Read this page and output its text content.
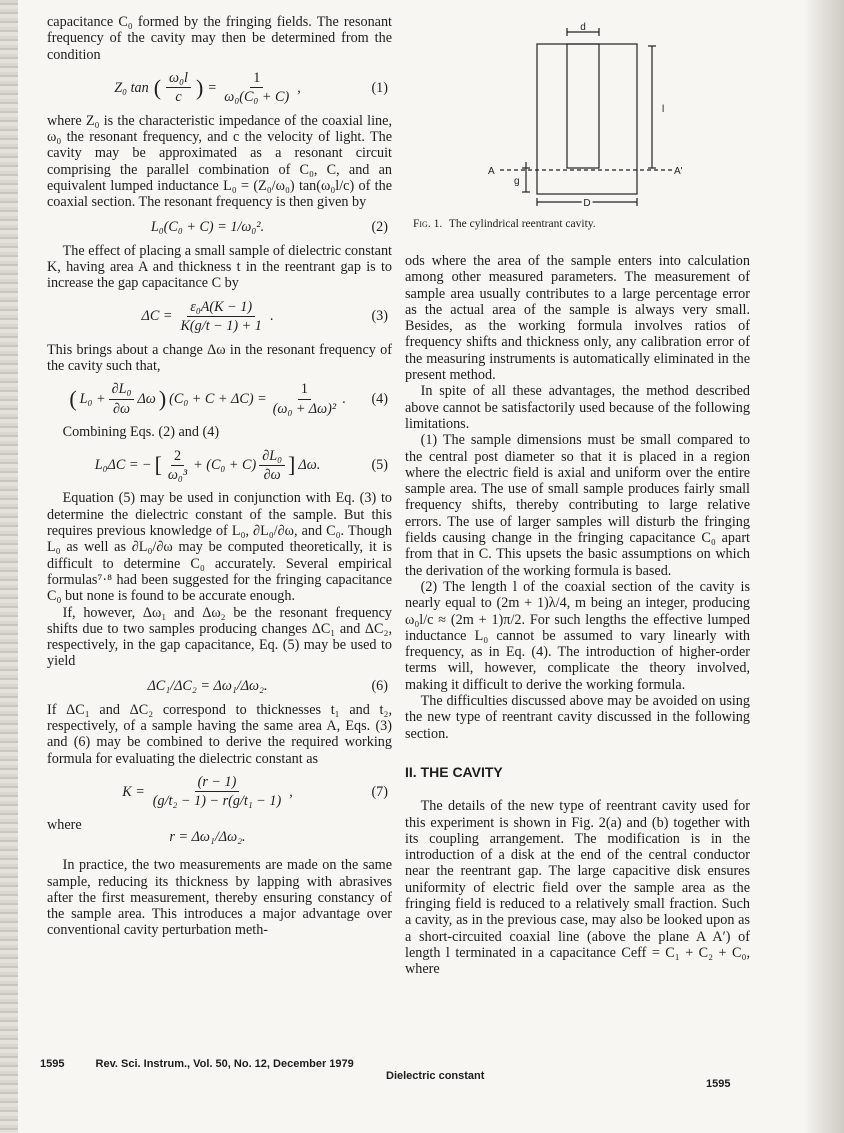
capacitance C₀ formed by the fringing fields. The resonant frequency of the cavity may then be determined from the condition

Z₀ tan ( $\frac{\text{ω₀l}}{c}$ ) = $\frac{1}{\text{ω₀(C₀ + C)}}$ ,	(1)

where Z₀ is the characteristic impedance of the coaxial line, ω₀ the resonant frequency, and c the velocity of light. The cavity may be approximated as a resonant circuit comprising the parallel combination of C₀, C, and an equivalent lumped inductance L₀ = (Z₀/ω₀) tan(ω₀l/c) of the coaxial section. The resonant frequency is then given by

L₀(C₀ + C) = 1/ω₀².	(2)

The effect of placing a small sample of dielectric constant K, having area A and thickness t in the reentrant gap is to increase the gap capacitance C by

$\Delta C = \frac{\text{ε₀A(K − 1)}}{K(g/t - 1) + 1}$ .	(3)

This brings about a change Δω in the resonant frequency of the cavity such that,

( $L_0 + \frac{\text{∂L₀}}{\partial\omega}$ Δω ) $(C_0 + C + \Delta C) = \frac{1}{\text{(ω₀ + Δω)²}}$ . (4)

Combining Eqs. (2) and (4)

L₀ΔC = − [ $\frac{2}{\text{ω₀³}} + (C_0 + C) \frac{\text{∂L₀}}{\partial\omega}$ ] Δω.	(5)

Equation (5) may be used in conjunction with Eq. (3) to determine the dielectric constant of the sample. But this requires previous knowledge of L₀, ∂L₀/∂ω, and C₀. Though L₀ as well as ∂L₀/∂ω may be computed theoretically, it is difficult to determine C₀ accurately. Several empirical formulas⁷·⁸ had been suggested for the fringing capacitance C₀ but none is found to be accurate enough.

If, however, Δω₁ and Δω₂ be the resonant frequency shifts due to two samples producing changes ΔC₁ and ΔC₂, respectively, in the gap capacitance, Eq. (5) may be used to yield

ΔC₁/ΔC₂ = Δω₁/Δω₂.	(6)

If ΔC₁ and ΔC₂ correspond to thicknesses t₁ and t₂, respectively, of a sample having the same area A, Eqs. (3) and (6) may be combined to derive the required working formula for evaluating the dielectric constant as

$K = \frac{(r - 1)}{\text{(g/t₂ − 1) − r(g/t₁ − 1)}}$ ,	(7)

where

r = Δω₁/Δω₂.

In practice, the two measurements are made on the same sample, reducing its thickness by lapping with abrasives after the first measurement, thereby ensuring constancy of the sample area. This introduces a major advantage over conventional cavity perturbation meth-

d
l
g
A	A'
D
Fig. 1. The cylindrical reentrant cavity.

ods where the area of the sample enters into calculation among other measured parameters. The measurement of sample area usually contributes to a large percentage error as the actual area of the sample is always very small. Besides, as the working formula involves ratios of frequency shifts and thickness only, any calibration error of the measuring instruments is automatically eliminated in the present method.

In spite of all these advantages, the method described above cannot be satisfactorily used because of the following limitations.

(1) The sample dimensions must be small compared to the central post diameter so that it is placed in a region where the electric field is axial and uniform over the entire sample area. The use of small sample produces fairly small frequency shifts, thereby contributing to large relative errors. The use of larger samples will disturb the fringing fields causing change in the fringing capacitance C₀ apart from that in C. This upsets the basic assumptions on which the derivation of the working formula is based.

(2) The length l of the coaxial section of the cavity is nearly equal to (2m + 1)λ/4, m being an integer, producing ω₀l/c ≈ (2m + 1)π/2. For such lengths the effective lumped inductance L₀ cannot be assumed to vary linearly with frequency, as in Eq. (4). The introduction of higher-order terms will, however, complicate the theory involved, making it difficult to derive the working formula.

The difficulties discussed above may be avoided on using the new type of reentrant cavity discussed in the following section.

II. THE CAVITY

The details of the new type of reentrant cavity used for this experiment is shown in Fig. 2(a) and (b) together with its coupling arrangement. The modification is in the introduction of a disk at the end of the central conductor near the reentrant gap. The large capacitive disk ensures uniformity of electric field over the sample area as the fringing field is reduced to a relatively small fraction. Such a cavity, as in the previous case, may also be looked upon as a short-circuited coaxial line (above the plane A A′) of length l terminated in a capacitance Ceff = C₁ + C₂ + C₀, where

1595	Rev. Sci. Instrum., Vol. 50, No. 12, December 1979
Dielectric constant
1595
